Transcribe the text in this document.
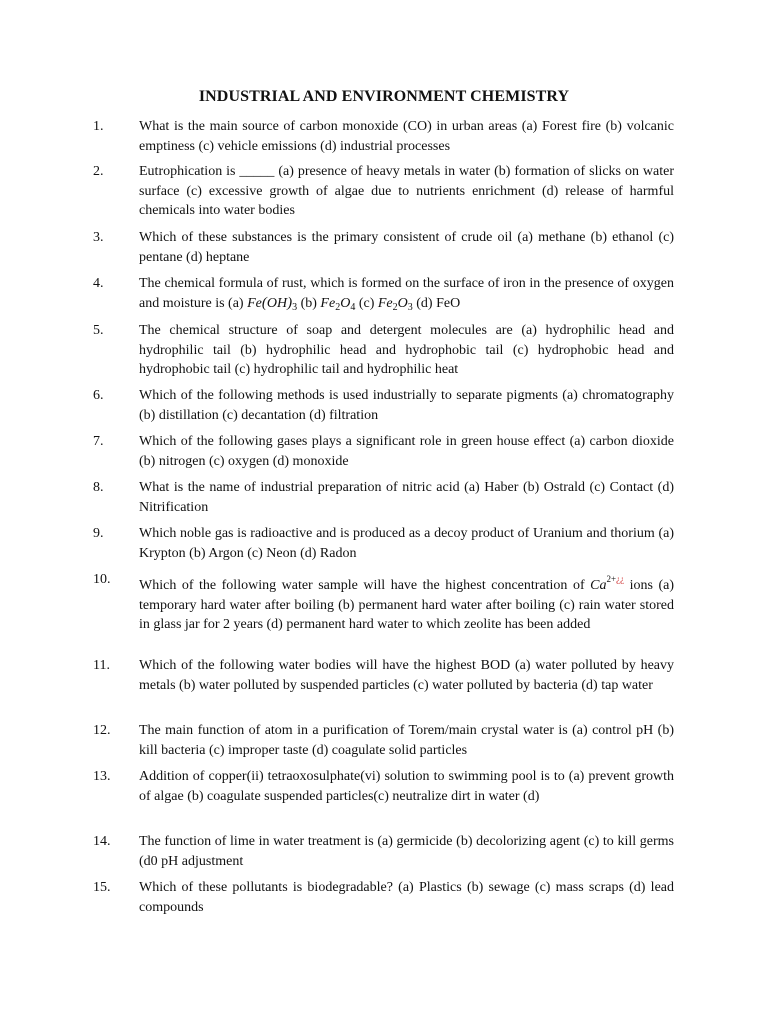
INDUSTRIAL AND ENVIRONMENT CHEMISTRY
1.	What is the main source of carbon monoxide (CO) in urban areas (a) Forest fire (b) volcanic emptiness (c) vehicle emissions (d) industrial processes
2.	Eutrophication is _____ (a) presence of heavy metals in water (b) formation of slicks on water surface (c) excessive growth of algae due to nutrients enrichment (d) release of harmful chemicals into water bodies
3.	Which of these substances is the primary consistent of crude oil (a) methane (b) ethanol (c) pentane (d) heptane
4.	The chemical formula of rust, which is formed on the surface of iron in the presence of oxygen and moisture is (a) $Fe(OH)_3$ (b) $Fe_2O_4$ (c) $Fe_2O_3$ (d) FeO
5.	The chemical structure of soap and detergent molecules are (a) hydrophilic head and hydrophilic tail (b) hydrophilic head and hydrophobic tail (c) hydrophobic head and hydrophobic tail (c) hydrophilic tail and hydrophilic heat
6.	Which of the following methods is used industrially to separate pigments (a) chromatography (b) distillation (c) decantation (d) filtration
7.	Which of the following gases plays a significant role in green house effect (a) carbon dioxide (b) nitrogen (c) oxygen (d) monoxide
8.	What is the name of industrial preparation of nitric acid (a) Haber (b) Ostrald (c) Contact (d) Nitrification
9.	Which noble gas is radioactive and is produced as a decoy product of Uranium and thorium (a) Krypton (b) Argon (c) Neon (d) Radon
10. Which of the following water sample will have the highest concentration of $Ca^{2+¿¿}$ ions (a) temporary hard water after boiling (b) permanent hard water after boiling (c) rain water stored in glass jar for 2 years (d) permanent hard water to which zeolite has been added
11. Which of the following water bodies will have the highest BOD (a) water polluted by heavy metals (b) water polluted by suspended particles (c) water polluted by bacteria (d) tap water
12. The main function of atom in a purification of Torem/main crystal water is (a) control pH (b) kill bacteria (c) improper taste (d) coagulate solid particles
13. Addition of copper(ii) tetraoxosulphate(vi) solution to swimming pool is to (a) prevent growth of algae (b) coagulate suspended particles(c) neutralize dirt in water (d)
14. The function of lime in water treatment is (a) germicide (b) decolorizing agent (c) to kill germs (d0 pH adjustment
15. Which of these pollutants is biodegradable? (a) Plastics (b) sewage (c) mass scraps (d) lead compounds
